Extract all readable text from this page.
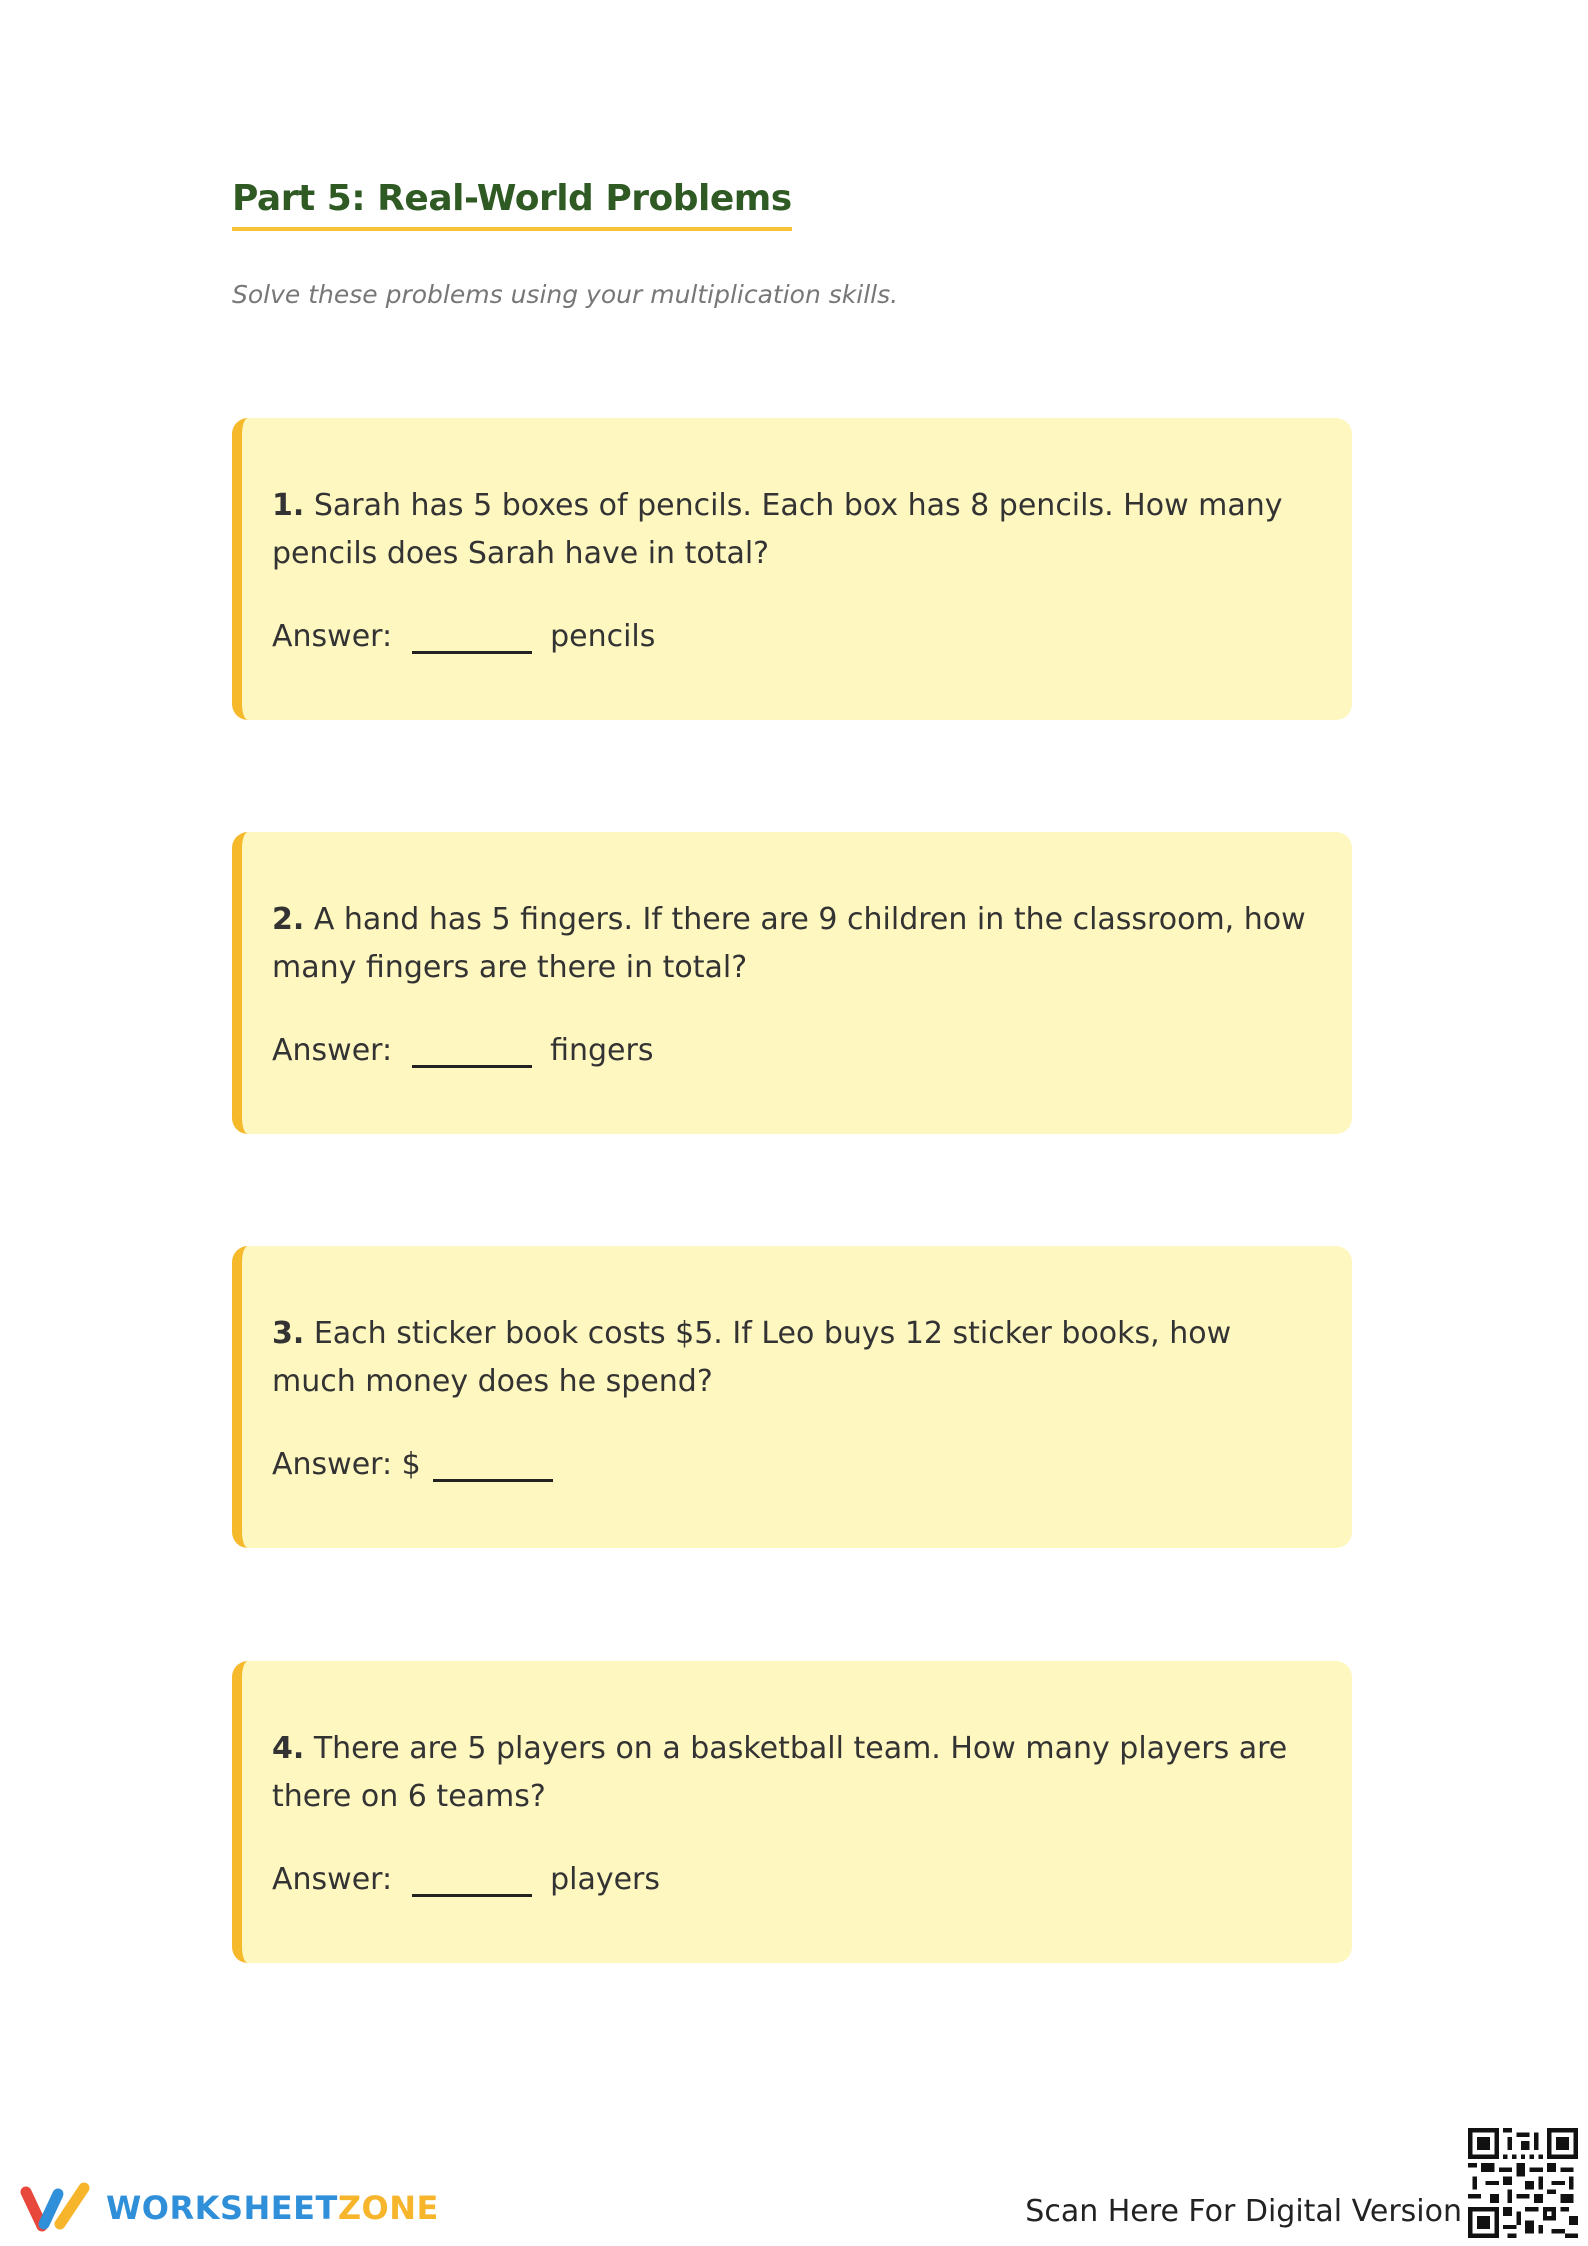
Part 5: Real-World Problems

Solve these problems using your multiplication skills.

1. Sarah has 5 boxes of pencils. Each box has 8 pencils. How many pencils does Sarah have in total?

Answer:	pencils

2. A hand has 5 fingers. If there are 9 children in the classroom, how many fingers are there in total?

Answer:	fingers

3. Each sticker book costs $5. If Leo buys 12 sticker books, how much money does he spend?

Answer: $

4. There are 5 players on a basketball team. How many players are there on 6 teams?

Answer:	players
WORKSHEETZONE	Scan Here For Digital Version
